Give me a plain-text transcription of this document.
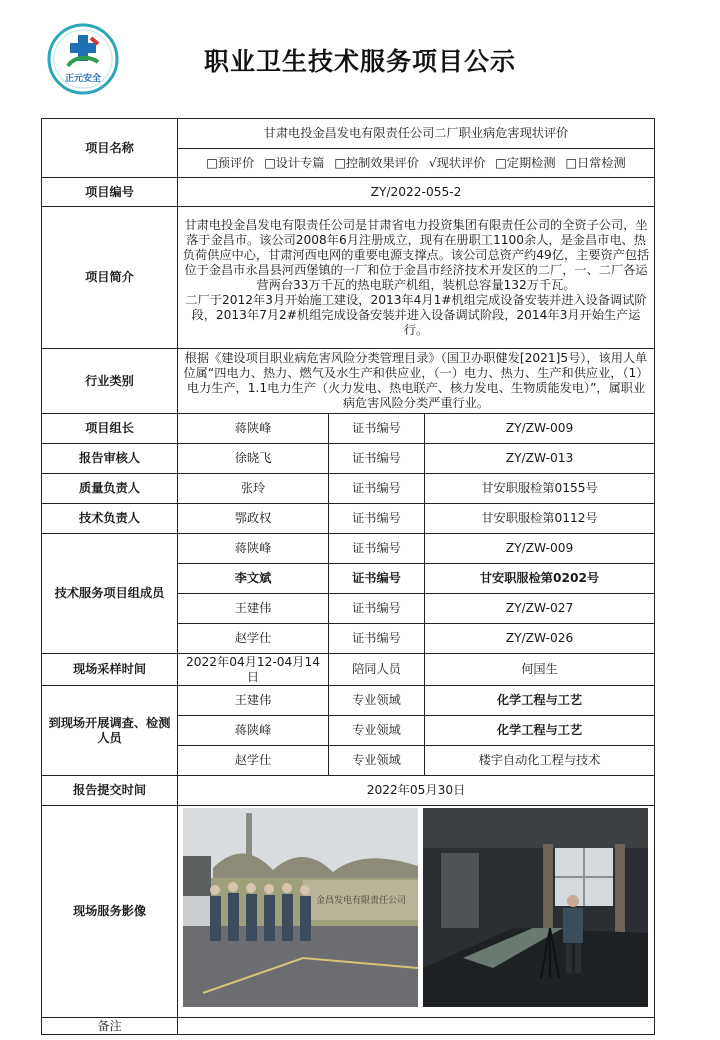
正元安全
职业卫生技术服务项目公示
项目名称	甘肃电投金昌发电有限责任公司二厂职业病危害现状评价		
	□预评价 □设计专篇 □控制效果评价 √现状评价 □定期检测 □日常检测		
项目编号	ZY/2022-055-2		
项目简介	甘肃电投金昌发电有限责任公司是甘肃省电力投资集团有限责任公司的全资子公司，坐落于金昌市。该公司2008年6月注册成立，现有在册职工1100余人，是金昌市电、热负荷供应中心，甘肃河西电网的重要电源支撑点。该公司总资产约49亿，主要资产包括位于金昌市永昌县河西堡镇的一厂和位于金昌市经济技术开发区的二厂，一、二厂各运营两台33万千瓦的热电联产机组，装机总容量132万千瓦。

二厂于2012年3月开始施工建设，2013年4月1#机组完成设备安装并进入设备调试阶段，2013年7月2#机组完成设备安装并进入设备调试阶段，2014年3月开始生产运行。		

行业类别	根据《建设项目职业病危害风险分类管理目录》（国卫办职健发[2021]5号），该用人单位属“四电力、热力、燃气及水生产和供应业，（一）电力、热力、生产和供应业，（1）电力生产，1.1电力生产（火力发电、热电联产、核力发电、生物质能发电）”，属职业病危害风险分类严重行业。		
项目组长	蒋陕峰	证书编号	ZY/ZW-009
报告审核人	徐晓飞	证书编号	ZY/ZW-013
质量负责人	张玲	证书编号	甘安职服检第0155号
技术负责人	鄂政权	证书编号	甘安职服检第0112号
技术服务项目组成员	蒋陕峰	证书编号	ZY/ZW-009
	李文斌	证书编号	甘安职服检第0202号
	王建伟	证书编号	ZY/ZW-027
	赵学仕	证书编号	ZY/ZW-026
现场采样时间	2022年04月12-04月14日	陪同人员	何国生
到现场开展调查、检测人员	王建伟	专业领域	化学工程与工艺
	蒋陕峰	专业领域	化学工程与工艺
	赵学仕	专业领域	楼宇自动化工程与技术
报告提交时间	2022年05月30日		
现场服务影像	金昌发电有限责任公司		

备注			
